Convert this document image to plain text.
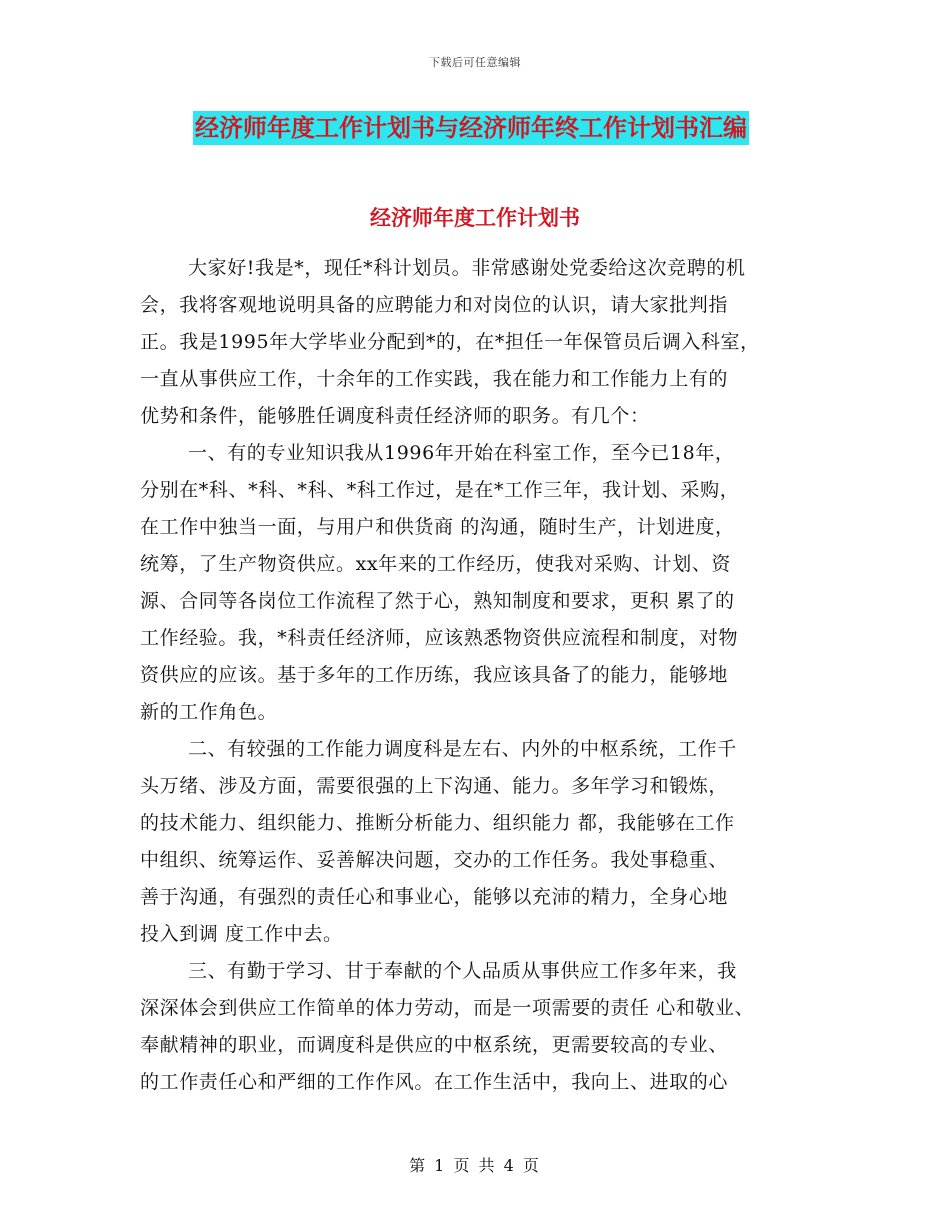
下载后可任意编辑
经济师年度工作计划书与经济师年终工作计划书汇编
经济师年度工作计划书
大家好!我是*，现任*科计划员。非常感谢处党委给这次竞聘的机
会，我将客观地说明具备的应聘能力和对岗位的认识，请大家批判指
正。我是1995年大学毕业分配到*的，在*担任一年保管员后调入科室，
一直从事供应工作，十余年的工作实践，我在能力和工作能力上有的
优势和条件，能够胜任调度科责任经济师的职务。有几个：
一、有的专业知识我从1996年开始在科室工作，至今已18年，
分别在*科、*科、*科、*科工作过，是在*工作三年，我计划、采购，
在工作中独当一面，与用户和供货商 的沟通，随时生产，计划进度，
统筹，了生产物资供应。xx年来的工作经历，使我对采购、计划、资
源、合同等各岗位工作流程了然于心，熟知制度和要求，更积 累了的
工作经验。我，*科责任经济师，应该熟悉物资供应流程和制度，对物
资供应的应该。基于多年的工作历练，我应该具备了的能力，能够地
新的工作角色。
二、有较强的工作能力调度科是左右、内外的中枢系统，工作千
头万绪、涉及方面，需要很强的上下沟通、能力。多年学习和锻炼，
的技术能力、组织能力、推断分析能力、组织能力 都，我能够在工作
中组织、统筹运作、妥善解决问题，交办的工作任务。我处事稳重、
善于沟通，有强烈的责任心和事业心，能够以充沛的精力，全身心地
投入到调 度工作中去。
三、有勤于学习、甘于奉献的个人品质从事供应工作多年来，我
深深体会到供应工作简单的体力劳动，而是一项需要的责任 心和敬业、
奉献精神的职业，而调度科是供应的中枢系统，更需要较高的专业、
的工作责任心和严细的工作作风。在工作生活中，我向上、进取的心
第 1 页 共 4 页
